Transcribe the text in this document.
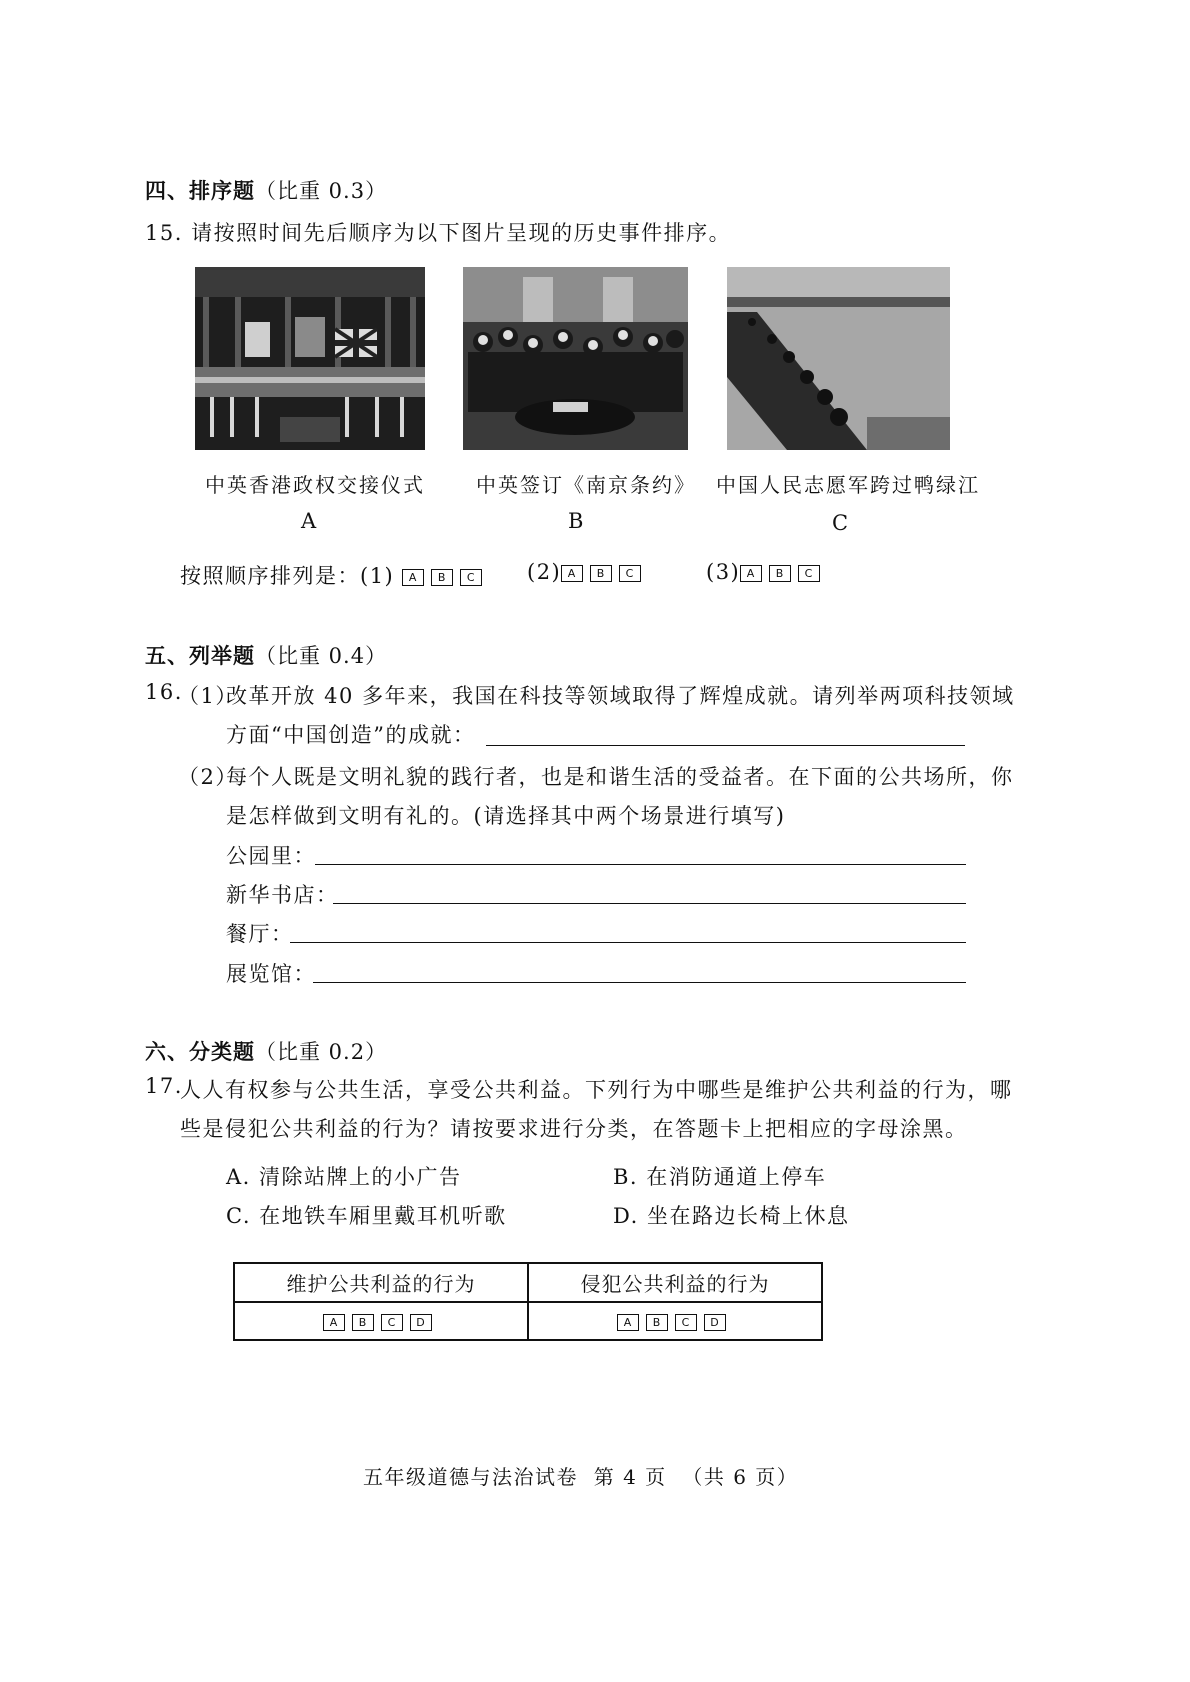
四、排序题（比重 0.3）
15. 请按照时间先后顺序为以下图片呈现的历史事件排序。
中英香港政权交接仪式	中英签订《南京条约》 中国人民志愿军跨过鸭绿江
A	B	C
按照顺序排列是：(1) A B C	(2) A B C	(3) A B C
五、列举题（比重 0.4）
16.
（1）
改革开放 40 多年来，我国在科技等领域取得了辉煌成就。请列举两项科技领域
方面“中国创造”的成就：
（2）
每个人既是文明礼貌的践行者，也是和谐生活的受益者。在下面的公共场所，你
是怎样做到文明有礼的。(请选择其中两个场景进行填写)
公园里：
新华书店：
餐厅：
展览馆：
六、分类题（比重 0.2）
17.
人人有权参与公共生活，享受公共利益。下列行为中哪些是维护公共利益的行为，哪
些是侵犯公共利益的行为？请按要求进行分类，在答题卡上把相应的字母涂黑。
A. 清除站牌上的小广告	B. 在消防通道上停车
C. 在地铁车厢里戴耳机听歌	D. 坐在路边长椅上休息
维护公共利益的行为	侵犯公共利益的行为
A B C D	A B C D
五年级道德与法治试卷  第 4 页  （共 6 页）
